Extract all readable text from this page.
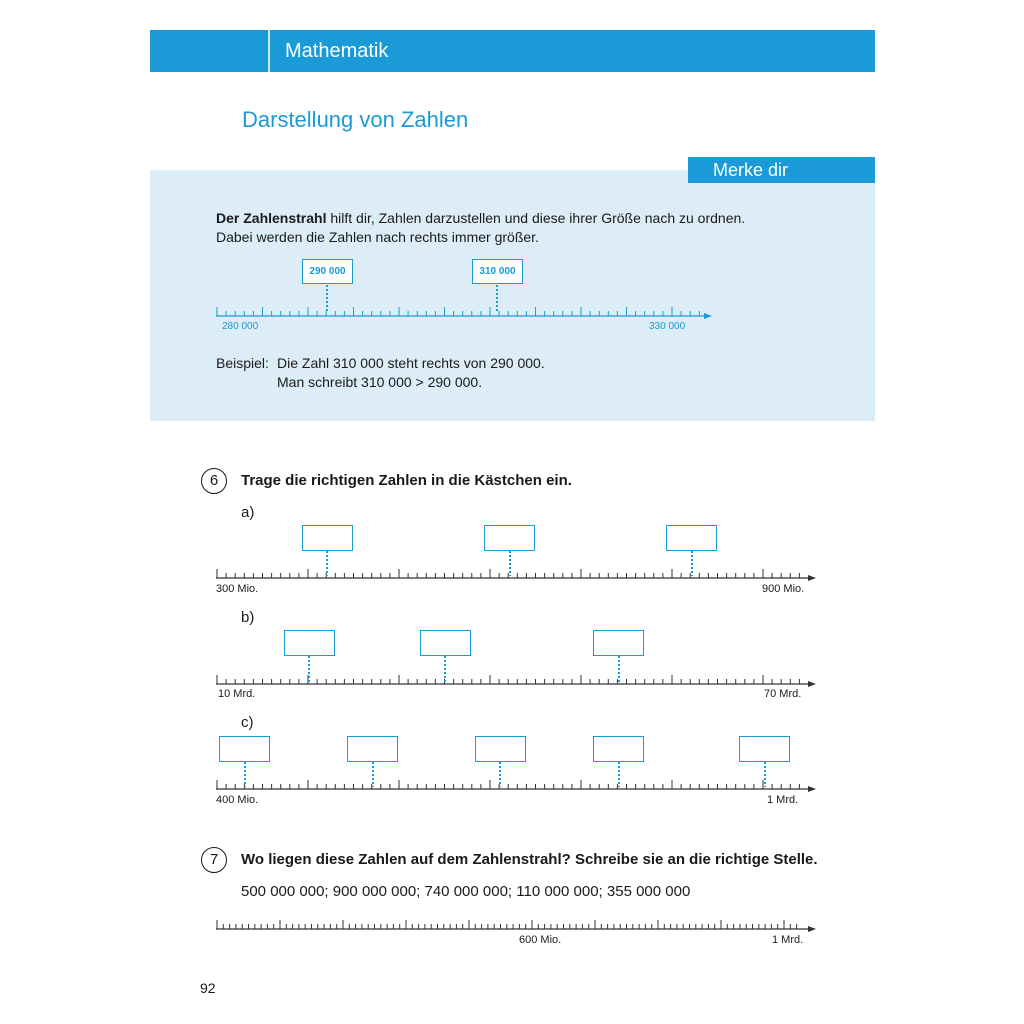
Mathematik
Darstellung von Zahlen
Merke dir
Der Zahlenstrahl hilft dir, Zahlen darzustellen und diese ihrer Größe nach zu ordnen.
Dabei werden die Zahlen nach rechts immer größer.
280 000	330 000
290 000	310 000
Beispiel: Die Zahl 310 000 steht rechts von 290 000.
Man schreibt 310 000 > 290 000.
6	Trage die richtigen Zahlen in die Kästchen ein.
a)
300 Mio.	900 Mio.
b)
10 Mrd.	70 Mrd.
c)
400 Mio.	1 Mrd.
7	Wo liegen diese Zahlen auf dem Zahlenstrahl? Schreibe sie an die richtige Stelle.
500 000 000; 900 000 000; 740 000 000; 110 000 000; 355 000 000
600 Mio.	1 Mrd.
92
